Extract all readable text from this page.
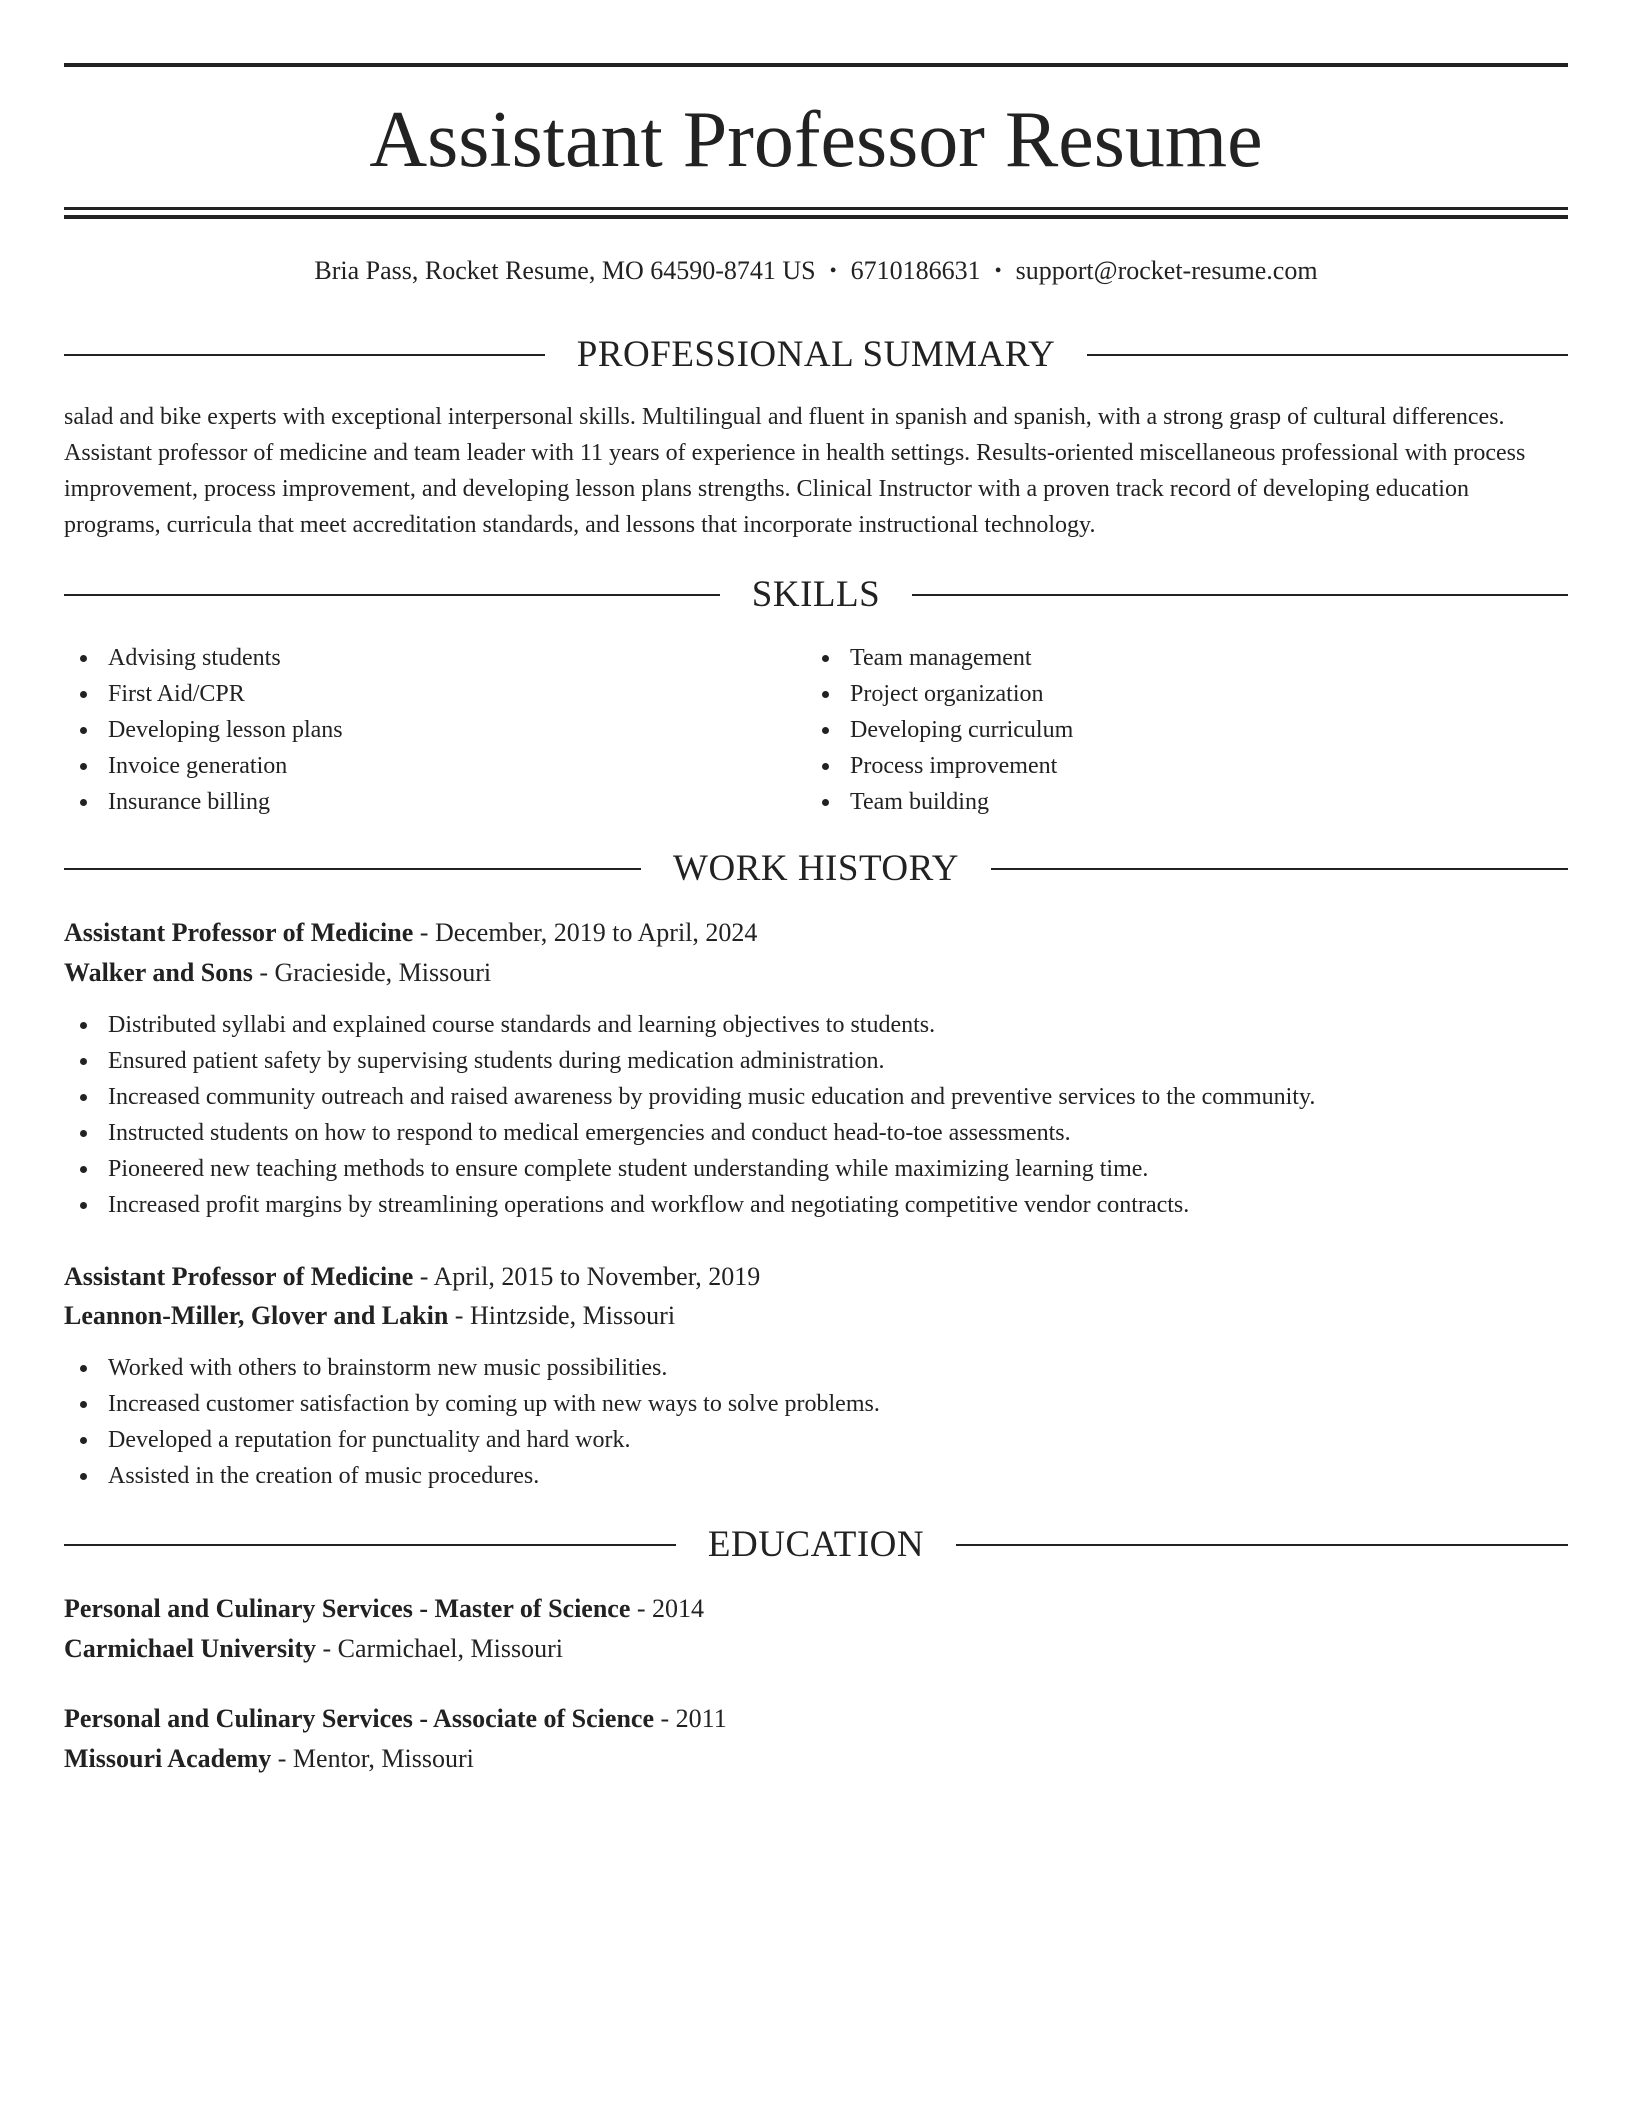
Assistant Professor Resume
Bria Pass, Rocket Resume, MO 64590-8741 US • 6710186631 • support@rocket-resume.com
PROFESSIONAL SUMMARY

salad and bike experts with exceptional interpersonal skills. Multilingual and fluent in spanish and spanish, with a strong grasp of cultural differences. Assistant professor of medicine and team leader with 11 years of experience in health settings. Results-oriented miscellaneous professional with process improvement, process improvement, and developing lesson plans strengths. Clinical Instructor with a proven track record of developing education programs, curricula that meet accreditation standards, and lessons that incorporate instructional technology.

SKILLS
Advising students
First Aid/CPR
Developing lesson plans
Invoice generation
Insurance billing
Team management
Project organization
Developing curriculum
Process improvement
Team building
WORK HISTORY
Assistant Professor of Medicine - December, 2019 to April, 2024
Walker and Sons - Gracieside, Missouri
Distributed syllabi and explained course standards and learning objectives to students.
Ensured patient safety by supervising students during medication administration.
Increased community outreach and raised awareness by providing music education and preventive services to the community.
Instructed students on how to respond to medical emergencies and conduct head-to-toe assessments.
Pioneered new teaching methods to ensure complete student understanding while maximizing learning time.
Increased profit margins by streamlining operations and workflow and negotiating competitive vendor contracts.
Assistant Professor of Medicine - April, 2015 to November, 2019
Leannon-Miller, Glover and Lakin - Hintzside, Missouri
Worked with others to brainstorm new music possibilities.
Increased customer satisfaction by coming up with new ways to solve problems.
Developed a reputation for punctuality and hard work.
Assisted in the creation of music procedures.
EDUCATION
Personal and Culinary Services - Master of Science - 2014
Carmichael University - Carmichael, Missouri
Personal and Culinary Services - Associate of Science - 2011
Missouri Academy - Mentor, Missouri
